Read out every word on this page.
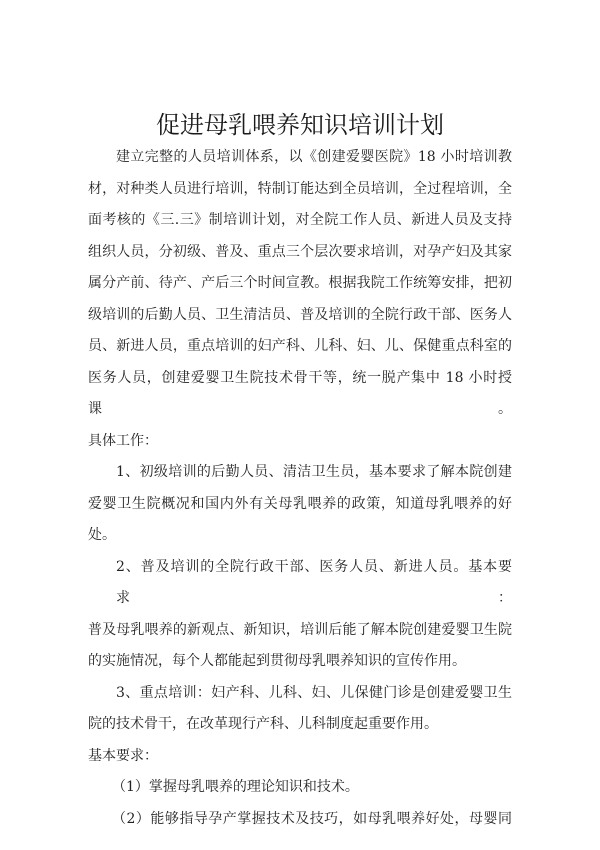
促进母乳喂养知识培训计划
建立完整的人员培训体系，以《创建爱婴医院》18 小时培训教
材，对种类人员进行培训，特制订能达到全员培训，全过程培训，全
面考核的《三.三》制培训计划，对全院工作人员、新进人员及支持
组织人员，分初级、普及、重点三个层次要求培训，对孕产妇及其家
属分产前、待产、产后三个时间宣教。根据我院工作统筹安排，把初
级培训的后勤人员、卫生清洁员、普及培训的全院行政干部、医务人
员、新进人员，重点培训的妇产科、儿科、妇、儿、保健重点科室的
医务人员，创建爱婴卫生院技术骨干等，统一脱产集中 18 小时授课。
具体工作：
1、初级培训的后勤人员、清洁卫生员，基本要求了解本院创建
爱婴卫生院概况和国内外有关母乳喂养的政策，知道母乳喂养的好
处。
2、普及培训的全院行政干部、医务人员、新进人员。基本要求：
普及母乳喂养的新观点、新知识，培训后能了解本院创建爱婴卫生院
的实施情况，每个人都能起到贯彻母乳喂养知识的宣传作用。
3、重点培训：妇产科、儿科、妇、儿保健门诊是创建爱婴卫生
院的技术骨干，在改革现行产科、儿科制度起重要作用。
基本要求：
（1）掌握母乳喂养的理论知识和技术。
（2）能够指导孕产掌握技术及技巧，如母乳喂养好处，母婴同
